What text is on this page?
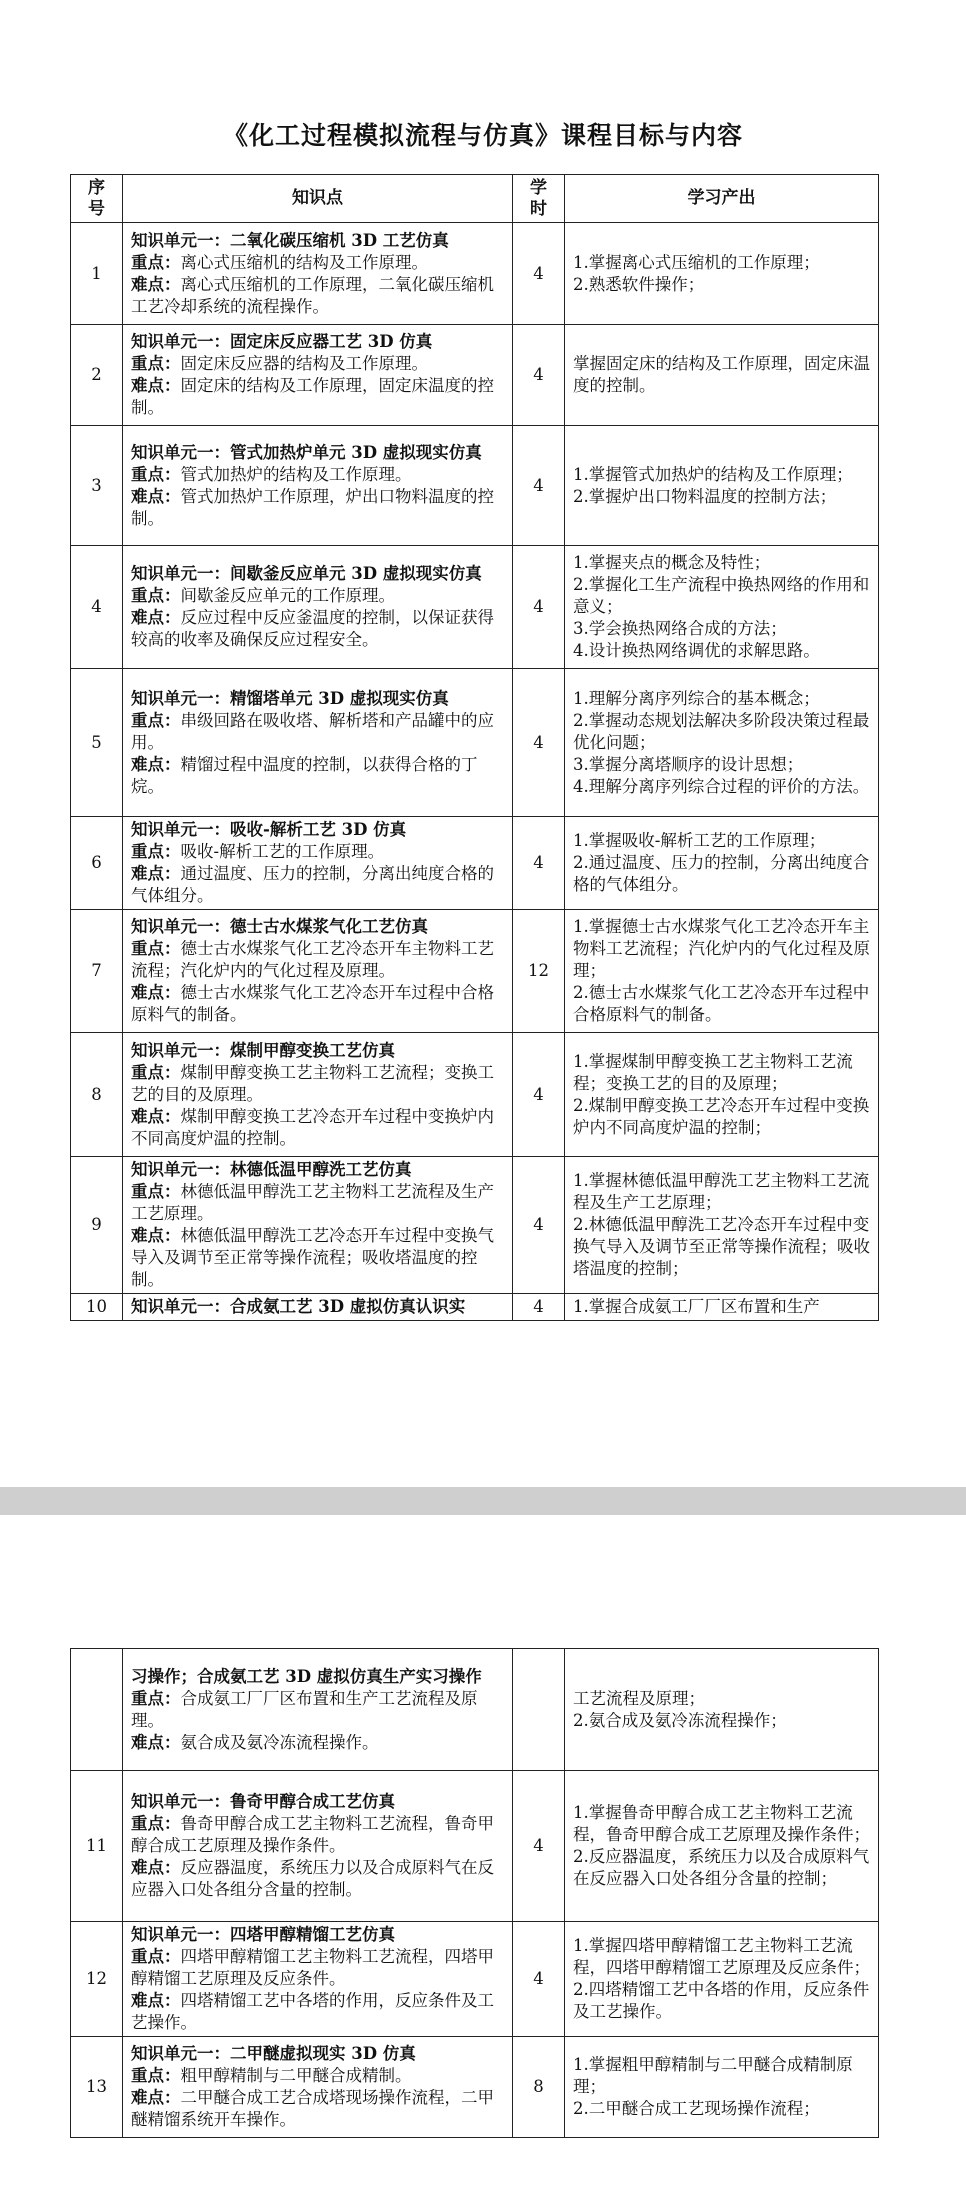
《化工过程模拟流程与仿真》课程目标与内容
序号	知识点	学时	学习产出
1	知识单元一：二氧化碳压缩机 3D 工艺仿真
重点：离心式压缩机的结构及工作原理。
难点：离心式压缩机的工作原理，二氧化碳压缩机工艺冷却系统的流程操作。	4	1.掌握离心式压缩机的工作原理；
2.熟悉软件操作；

2	知识单元一：固定床反应器工艺 3D 仿真
重点：固定床反应器的结构及工作原理。
难点：固定床的结构及工作原理，固定床温度的控制。	4	掌握固定床的结构及工作原理，固定床温度的控制。

3	知识单元一：管式加热炉单元 3D 虚拟现实仿真
重点：管式加热炉的结构及工作原理。
难点：管式加热炉工作原理，炉出口物料温度的控制。	4	1.掌握管式加热炉的结构及工作原理；
2.掌握炉出口物料温度的控制方法；

4	知识单元一：间歇釜反应单元 3D 虚拟现实仿真
重点：间歇釜反应单元的工作原理。
难点：反应过程中反应釜温度的控制，以保证获得较高的收率及确保反应过程安全。	4	1.掌握夹点的概念及特性；
2.掌握化工生产流程中换热网络的作用和意义；
3.学会换热网络合成的方法；
4.设计换热网络调优的求解思路。

5	知识单元一：精馏塔单元 3D 虚拟现实仿真
重点：串级回路在吸收塔、解析塔和产品罐中的应用。
难点：精馏过程中温度的控制，以获得合格的丁烷。	4	1.理解分离序列综合的基本概念；
2.掌握动态规划法解决多阶段决策过程最优化问题；
3.掌握分离塔顺序的设计思想；
4.理解分离序列综合过程的评价的方法。

6	知识单元一：吸收-解析工艺 3D 仿真
重点：吸收-解析工艺的工作原理。
难点：通过温度、压力的控制，分离出纯度合格的气体组分。	4	1.掌握吸收-解析工艺的工作原理；
2.通过温度、压力的控制，分离出纯度合格的气体组分。

7	知识单元一：德士古水煤浆气化工艺仿真
重点：德士古水煤浆气化工艺冷态开车主物料工艺流程；汽化炉内的气化过程及原理。
难点：德士古水煤浆气化工艺冷态开车过程中合格原料气的制备。	12	1.掌握德士古水煤浆气化工艺冷态开车主物料工艺流程；汽化炉内的气化过程及原理；
2.德士古水煤浆气化工艺冷态开车过程中合格原料气的制备。

8	知识单元一：煤制甲醇变换工艺仿真
重点：煤制甲醇变换工艺主物料工艺流程；变换工艺的目的及原理。
难点：煤制甲醇变换工艺冷态开车过程中变换炉内不同高度炉温的控制。	4	1.掌握煤制甲醇变换工艺主物料工艺流程；变换工艺的目的及原理；
2.煤制甲醇变换工艺冷态开车过程中变换炉内不同高度炉温的控制；

9	知识单元一：林德低温甲醇洗工艺仿真
重点：林德低温甲醇洗工艺主物料工艺流程及生产工艺原理。
难点：林德低温甲醇洗工艺冷态开车过程中变换气导入及调节至正常等操作流程；吸收塔温度的控制。	4	1.掌握林德低温甲醇洗工艺主物料工艺流程及生产工艺原理；
2.林德低温甲醇洗工艺冷态开车过程中变换气导入及调节至正常等操作流程；吸收塔温度的控制；

10	知识单元一：合成氨工艺 3D 虚拟仿真认识实	4	1.掌握合成氨工厂厂区布置和生产

	习操作；合成氨工艺 3D 虚拟仿真生产实习操作
重点：合成氨工厂厂区布置和生产工艺流程及原理。
难点：氨合成及氨冷冻流程操作。		工艺流程及原理；
2.氨合成及氨冷冻流程操作；

11	知识单元一：鲁奇甲醇合成工艺仿真
重点：鲁奇甲醇合成工艺主物料工艺流程，鲁奇甲醇合成工艺原理及操作条件。
难点：反应器温度，系统压力以及合成原料气在反应器入口处各组分含量的控制。	4	1.掌握鲁奇甲醇合成工艺主物料工艺流程，鲁奇甲醇合成工艺原理及操作条件；
2.反应器温度，系统压力以及合成原料气在反应器入口处各组分含量的控制；

12	知识单元一：四塔甲醇精馏工艺仿真
重点：四塔甲醇精馏工艺主物料工艺流程，四塔甲醇精馏工艺原理及反应条件。
难点：四塔精馏工艺中各塔的作用，反应条件及工艺操作。	4	1.掌握四塔甲醇精馏工艺主物料工艺流程，四塔甲醇精馏工艺原理及反应条件；
2.四塔精馏工艺中各塔的作用，反应条件及工艺操作。

13	知识单元一：二甲醚虚拟现实 3D 仿真
重点：粗甲醇精制与二甲醚合成精制。
难点：二甲醚合成工艺合成塔现场操作流程，二甲醚精馏系统开车操作。	8	1.掌握粗甲醇精制与二甲醚合成精制原理；
2.二甲醚合成工艺现场操作流程；
